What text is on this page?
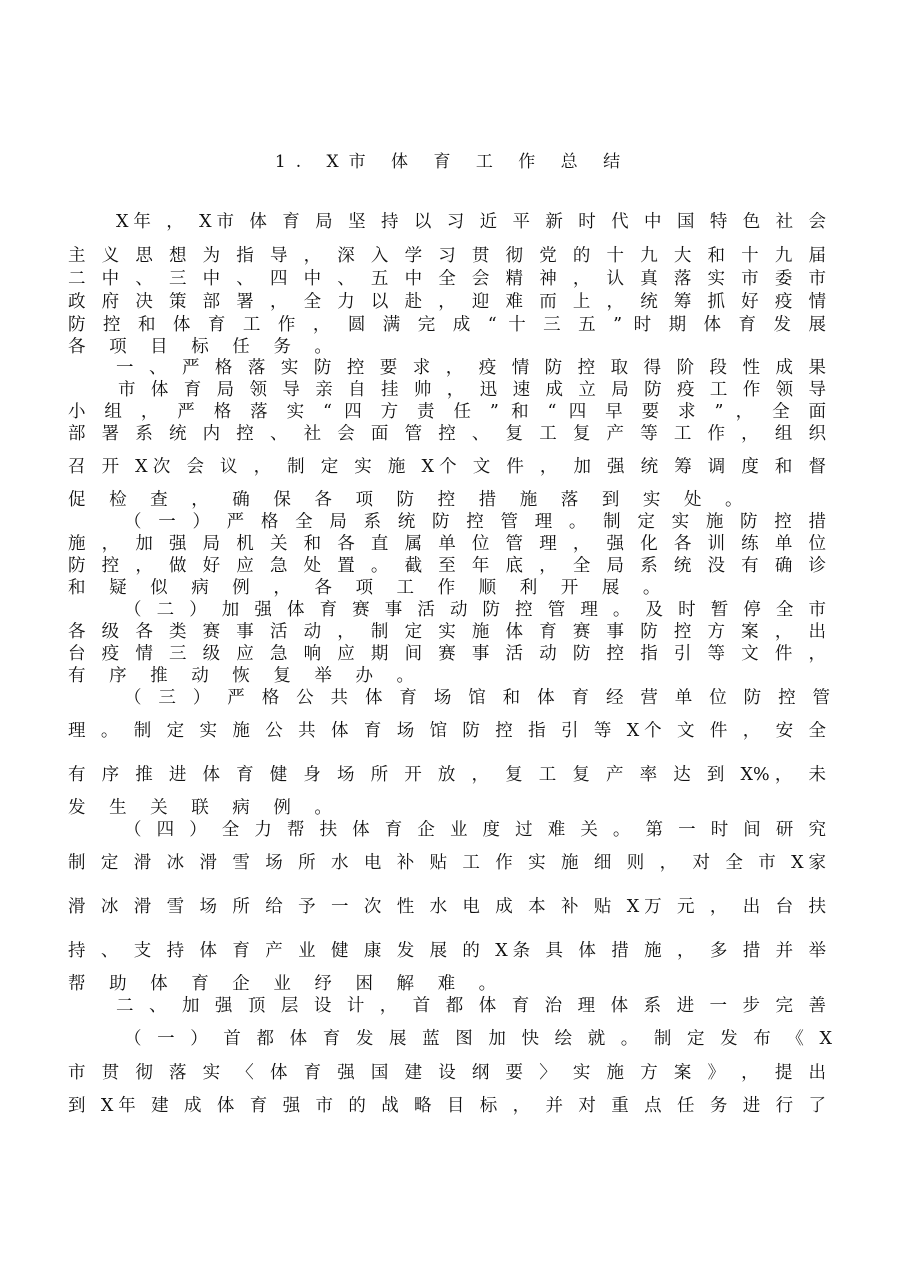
1. X市 体 育 工 作 总 结
X年 ， X市 体 育 局 坚 持 以 习 近 平 新 时 代 中 国 特 色 社 会
主 义 思 想 为 指 导 ， 深 入 学 习 贯 彻 党 的 十 九 大 和 十 九 届
二 中 、 三 中 、 四 中 、 五 中 全 会 精 神 ， 认 真 落 实 市 委 市
政 府 决 策 部 署 ， 全 力 以 赴 ， 迎 难 而 上 ， 统 筹 抓 好 疫 情
防 控 和 体 育 工 作 ， 圆 满 完 成 “ 十 三 五 ” 时 期 体 育 发 展
各 项 目 标 任 务 。
一 、 严 格 落 实 防 控 要 求 ， 疫 情 防 控 取 得 阶 段 性 成 果
市 体 育 局 领 导 亲 自 挂 帅 ， 迅 速 成 立 局 防 疫 工 作 领 导
小 组 ， 严 格 落 实 “ 四 方 责 任 ” 和 “ 四 早 要 求 ” ， 全 面
部 署 系 统 内 控 、 社 会 面 管 控 、 复 工 复 产 等 工 作 ， 组 织
召 开 X次 会 议 ， 制 定 实 施 X个 文 件 ， 加 强 统 筹 调 度 和 督
促 检 查 ， 确 保 各 项 防 控 措 施 落 到 实 处 。
（ 一 ） 严 格 全 局 系 统 防 控 管 理 。 制 定 实 施 防 控 措
施 ， 加 强 局 机 关 和 各 直 属 单 位 管 理 ， 强 化 各 训 练 单 位
防 控 ， 做 好 应 急 处 置 。 截 至 年 底 ， 全 局 系 统 没 有 确 诊
和 疑 似 病 例 ， 各 项 工 作 顺 利 开 展 。
（ 二 ） 加 强 体 育 赛 事 活 动 防 控 管 理 。 及 时 暂 停 全 市
各 级 各 类 赛 事 活 动 ， 制 定 实 施 体 育 赛 事 防 控 方 案 ， 出
台 疫 情 三 级 应 急 响 应 期 间 赛 事 活 动 防 控 指 引 等 文 件 ，
有 序 推 动 恢 复 举 办 。
（ 三 ） 严 格 公 共 体 育 场 馆 和 体 育 经 营 单 位 防 控 管
理 。 制 定 实 施 公 共 体 育 场 馆 防 控 指 引 等 X个 文 件 ， 安 全
有 序 推 进 体 育 健 身 场 所 开 放 ， 复 工 复 产 率 达 到 X%， 未
发 生 关 联 病 例 。
（ 四 ） 全 力 帮 扶 体 育 企 业 度 过 难 关 。 第 一 时 间 研 究
制 定 滑 冰 滑 雪 场 所 水 电 补 贴 工 作 实 施 细 则 ， 对 全 市 X家
滑 冰 滑 雪 场 所 给 予 一 次 性 水 电 成 本 补 贴 X万 元 ， 出 台 扶
持 、 支 持 体 育 产 业 健 康 发 展 的 X条 具 体 措 施 ， 多 措 并 举
帮 助 体 育 企 业 纾 困 解 难 。
二 、 加 强 顶 层 设 计 ， 首 都 体 育 治 理 体 系 进 一 步 完 善
（ 一 ） 首 都 体 育 发 展 蓝 图 加 快 绘 就 。 制 定 发 布 《 X
市 贯 彻 落 实 〈 体 育 强 国 建 设 纲 要 〉 实 施 方 案 》 ， 提 出
到 X年 建 成 体 育 强 市 的 战 略 目 标 ， 并 对 重 点 任 务 进 行 了
